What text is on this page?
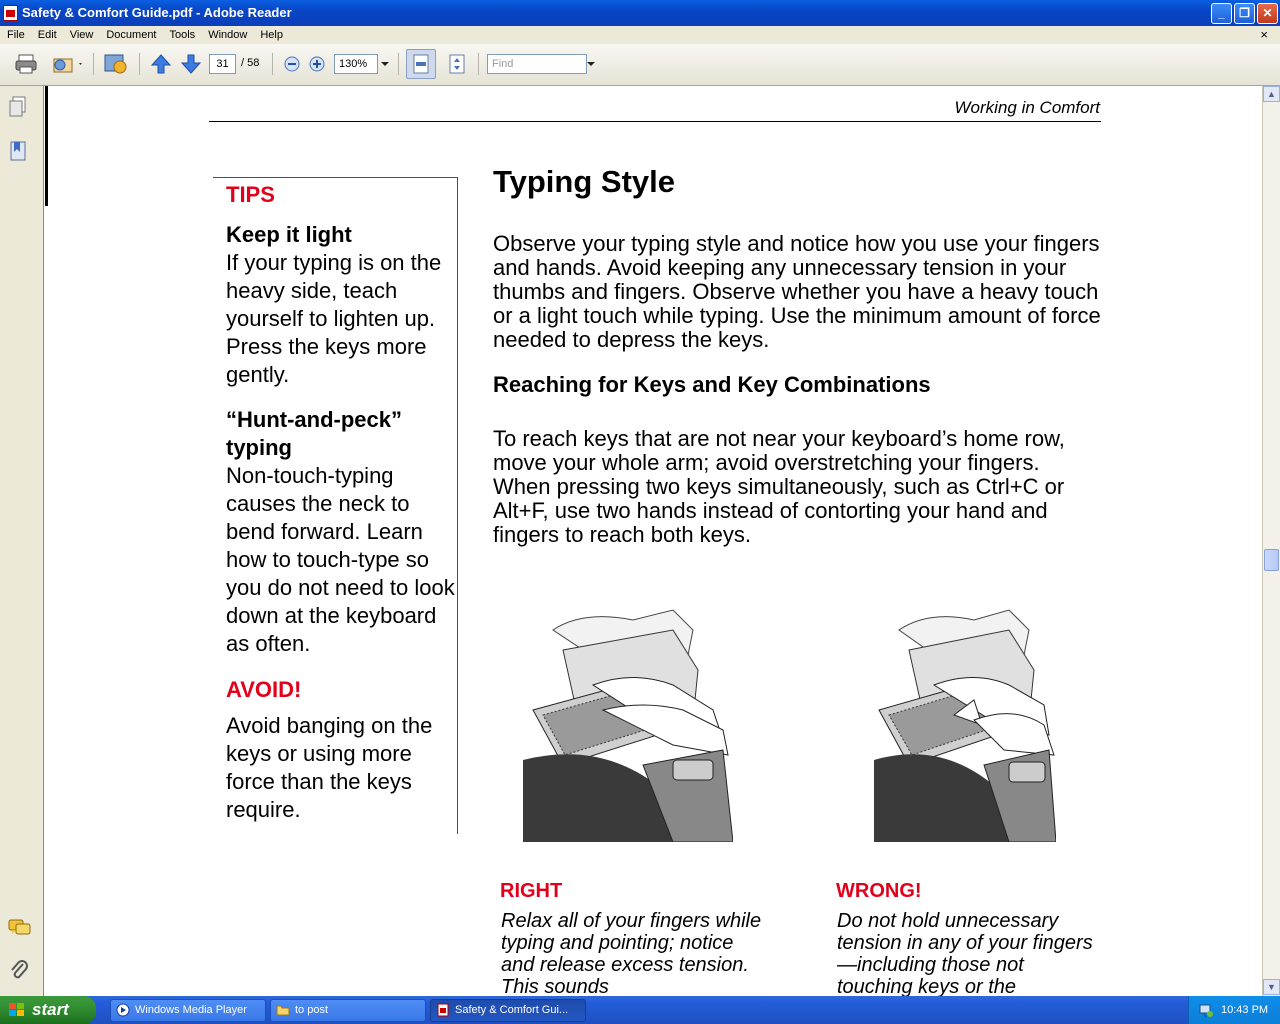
Safety & Comfort Guide.pdf - Adobe Reader	_	❐	✕
File Edit View Document Tools Window Help	×
31	/ 58	130%	Find
Working in Comfort
TIPS
Keep it light
If your typing is on the heavy side, teach yourself to lighten up. Press the keys more gently.
“Hunt-and-peck” typing
Non-touch-typing causes the neck to bend forward. Learn how to touch-type so you do not need to look down at the keyboard as often.
AVOID!
Avoid banging on the keys or using more force than the keys require.
Typing Style
Observe your typing style and notice how you use your fingers and hands. Avoid keeping any unnecessary tension in your thumbs and fingers. Observe whether you have a heavy touch or a light touch while typing. Use the minimum amount of force needed to depress the keys.
Reaching for Keys and Key Combinations
To reach keys that are not near your keyboard’s home row, move your whole arm; avoid overstretching your fingers. When pressing two keys simultaneously, such as Ctrl+C or Alt+F, use two hands instead of contorting your hand and fingers to reach both keys.
RIGHT
Relax all of your fingers while typing and pointing; notice and release excess tension. This sounds
WRONG!
Do not hold unnecessary tension in any of your fingers—including those not touching keys or the
▲
▼
start	Windows Media Player	to post	Safety & Comfort Gui...	10:43 PM
